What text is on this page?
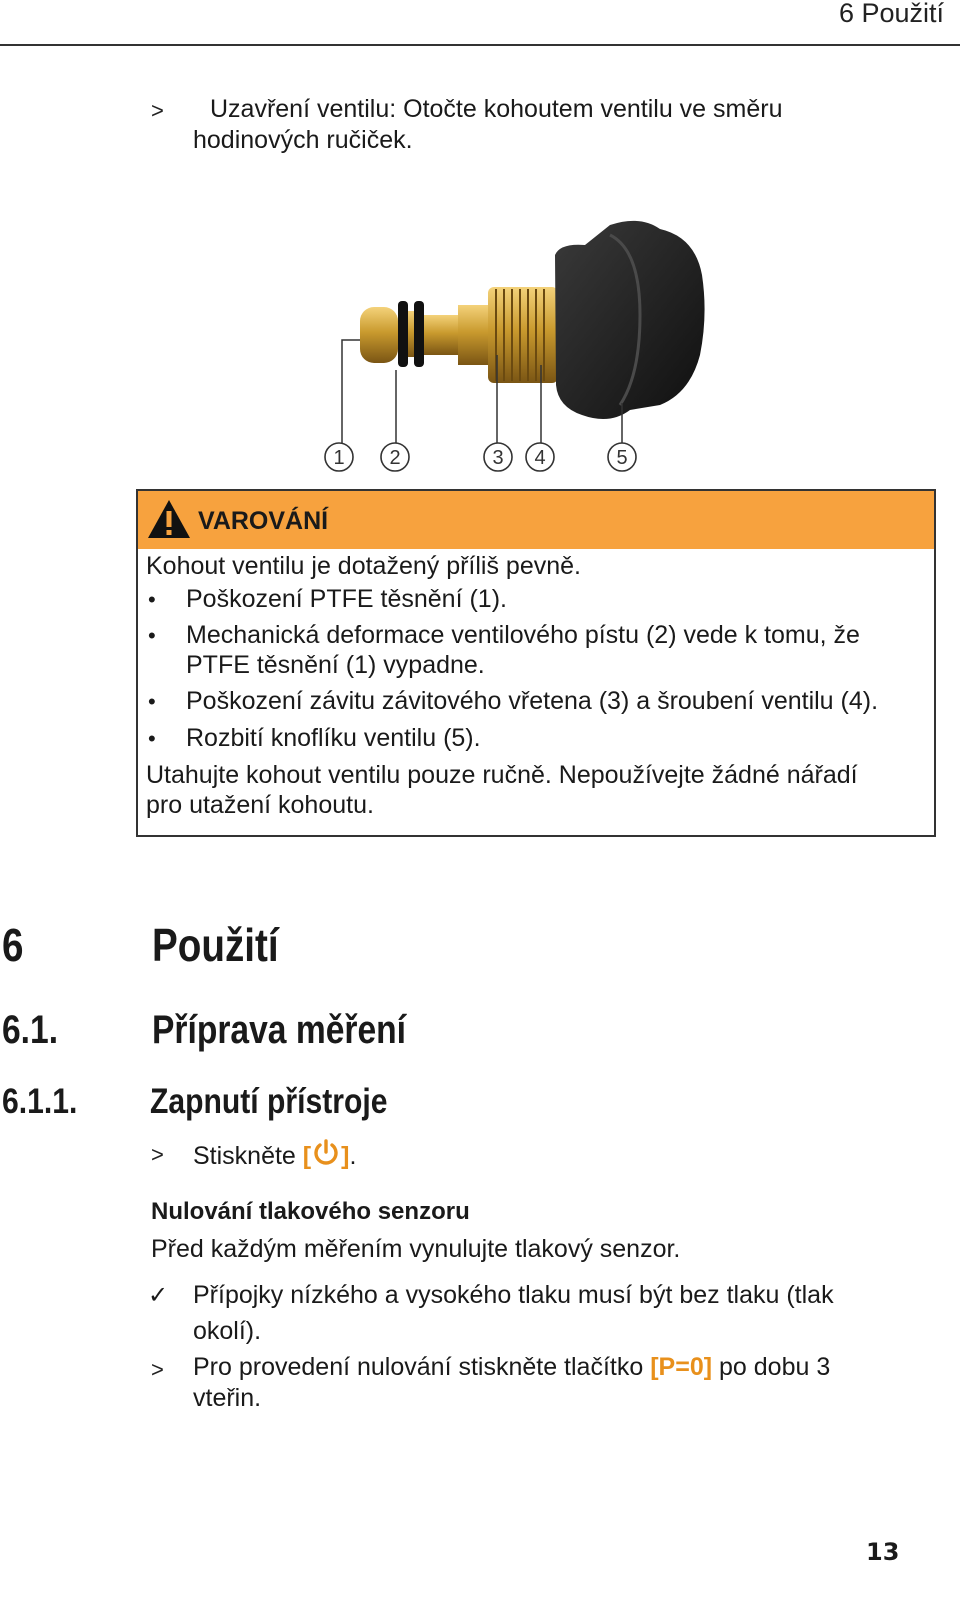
6 Použití
> Uzavření ventilu: Otočte kohoutem ventilu ve směru
hodinových ručiček.
1 2	3 4	5
VAROVÁNÍ
Kohout ventilu je dotažený příliš pevně.
• Poškození PTFE těsnění (1).
• Mechanická deformace ventilového pístu (2) vede k tomu, že
PTFE těsnění (1) vypadne.
• Poškození závitu závitového vřetena (3) a šroubení ventilu (4).
• Rozbití knoflíku ventilu (5).
Utahujte kohout ventilu pouze ručně. Nepoužívejte žádné nářadí
pro utažení kohoutu.
6	Použití
6.1. Příprava měření
6.1.1. Zapnutí přístroje
> Stiskněte [ ].
Nulování tlakového senzoru
Před každým měřením vynulujte tlakový senzor.
✓ Přípojky nízkého a vysokého tlaku musí být bez tlaku (tlak
okolí).
> Pro provedení nulování stiskněte tlačítko [P=0] po dobu 3
vteřin.
13
